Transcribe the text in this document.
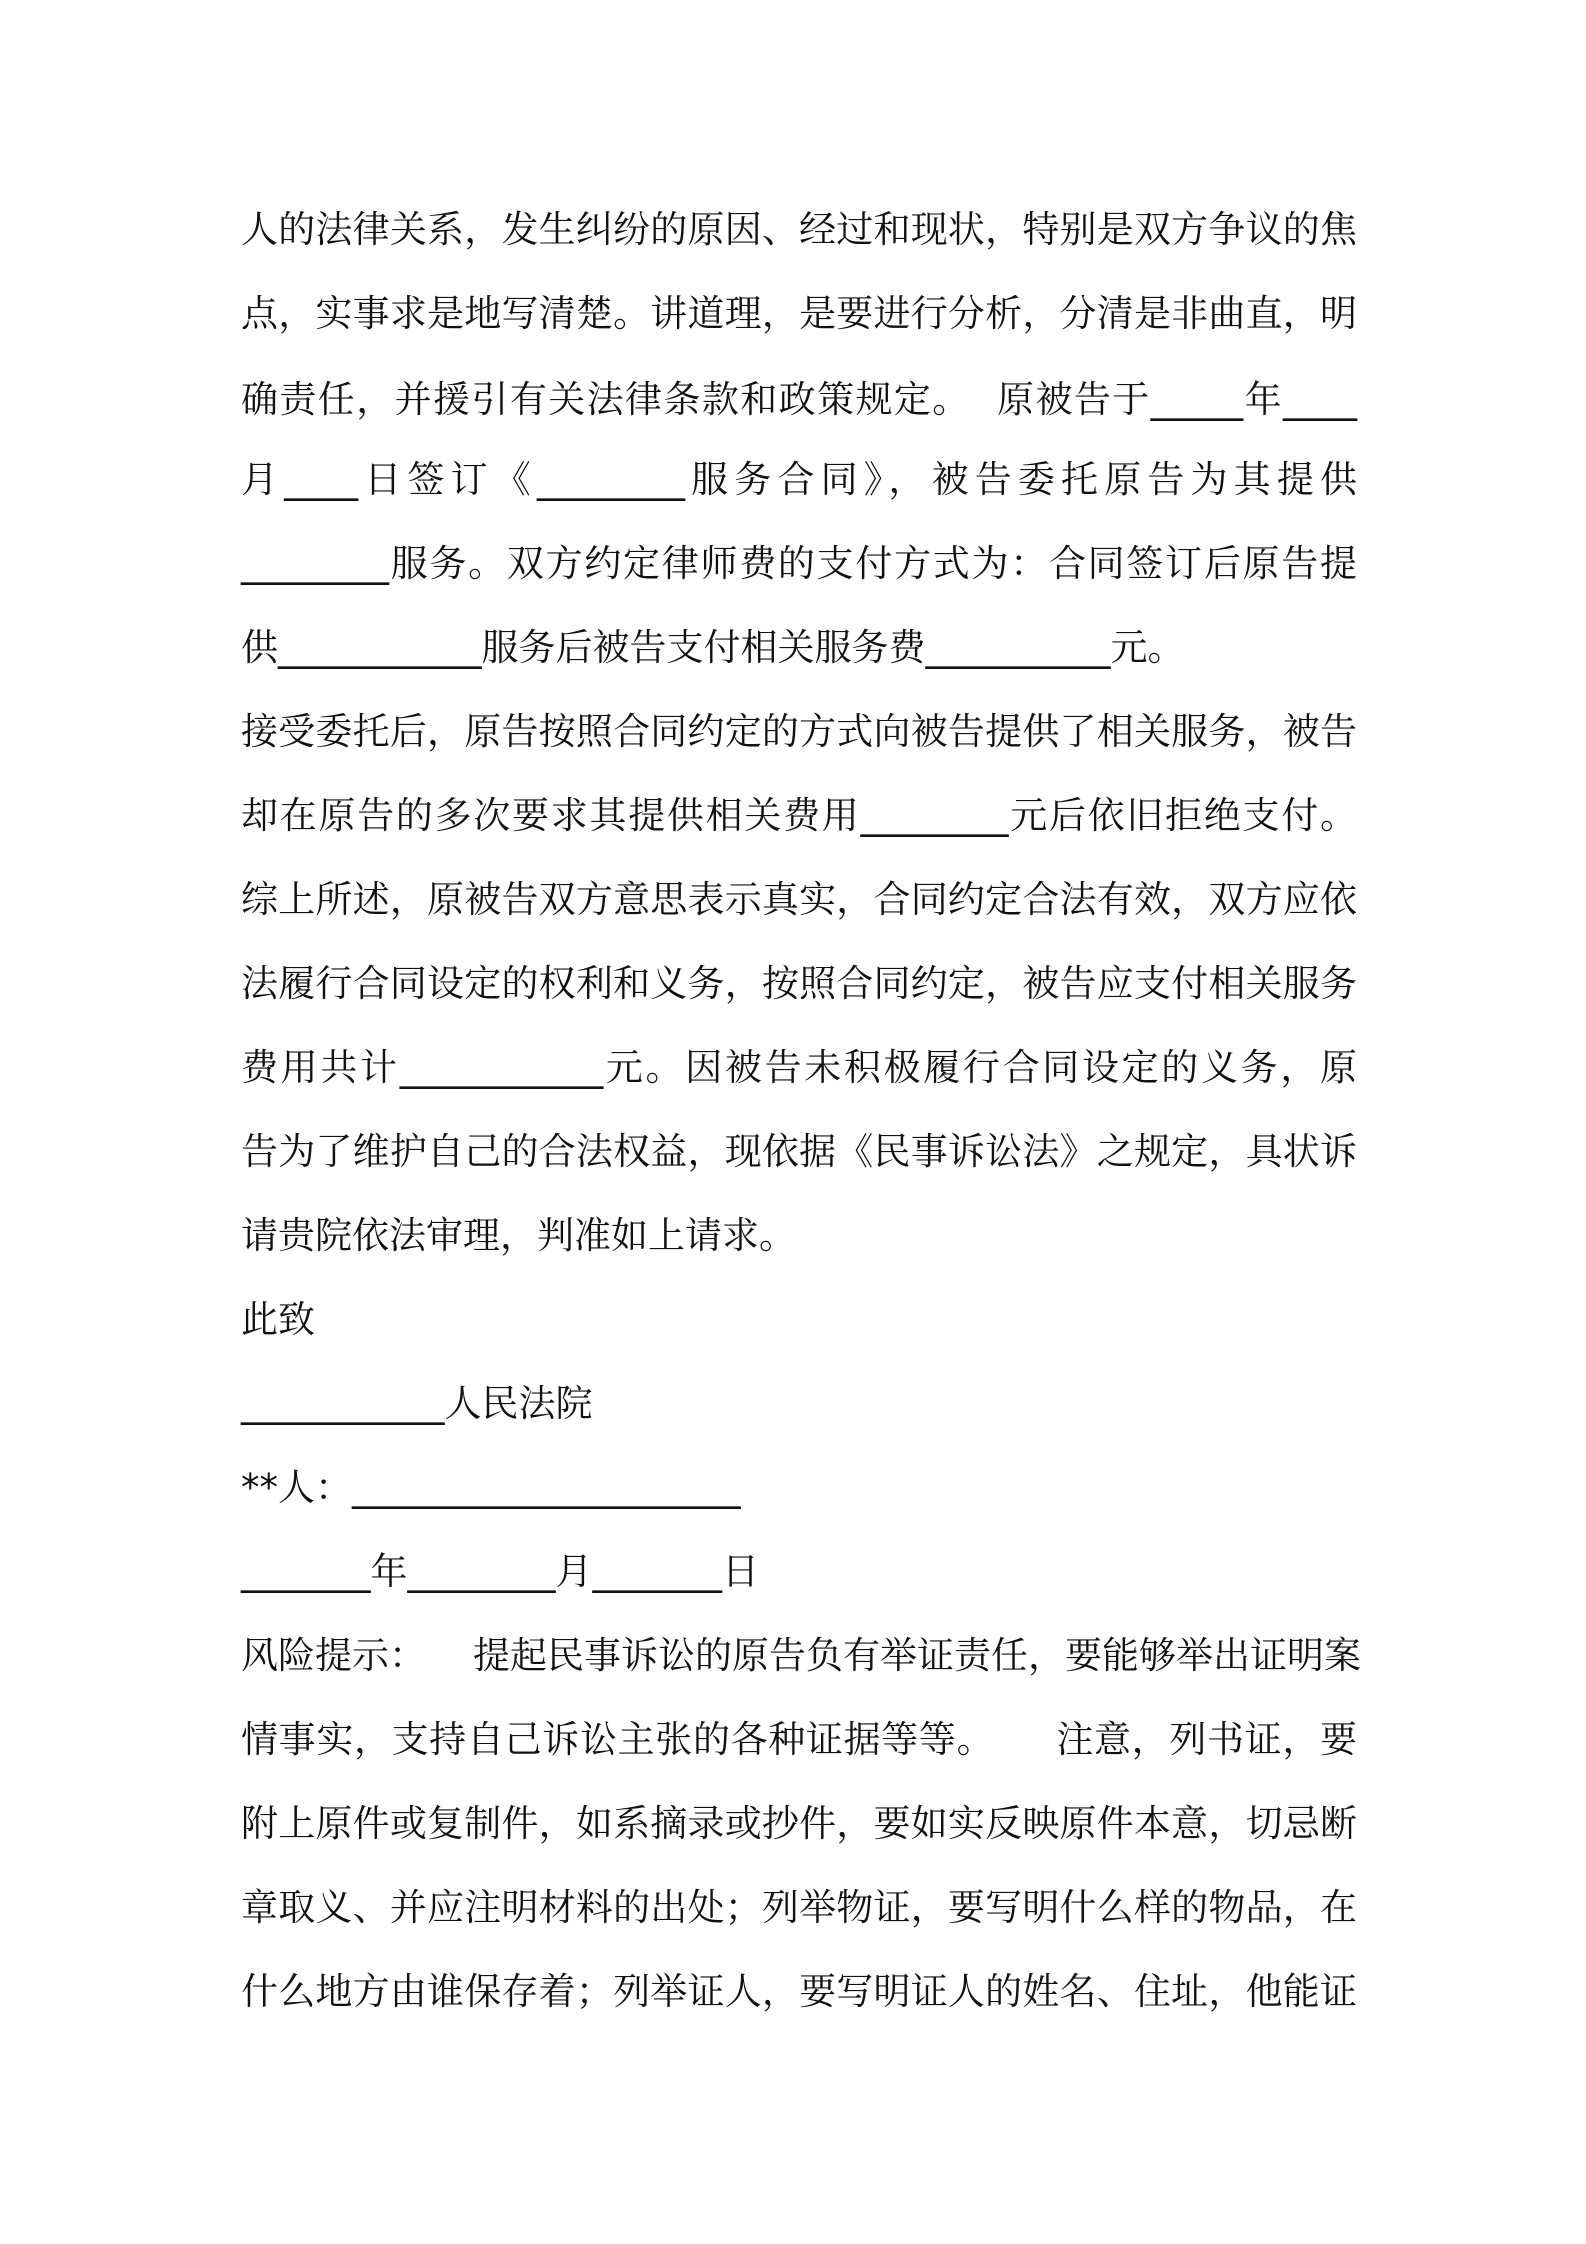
人的法律关系，发生纠纷的原因、经过和现状，特别是双方争议的焦
点，实事求是地写清楚。讲道理，是要进行分析，分清是非曲直，明
确责任，并援引有关法律条款和政策规定。  原被告于_____年____
月____日签订《________服务合同》，被告委托原告为其提供
________服务。双方约定律师费的支付方式为：合同签订后原告提
供___________服务后被告支付相关服务费__________元。
接受委托后，原告按照合同约定的方式向被告提供了相关服务，被告
却在原告的多次要求其提供相关费用________元后依旧拒绝支付。
综上所述，原被告双方意思表示真实，合同约定合法有效，双方应依
法履行合同设定的权利和义务，按照合同约定，被告应支付相关服务
费用共计___________元。因被告未积极履行合同设定的义务，原
告为了维护自己的合法权益，现依据《民事诉讼法》之规定，具状诉
请贵院依法审理，判准如上请求。
此致
___________人民法院
**人：_____________________
_______年________月_______日
风险提示：    提起民事诉讼的原告负有举证责任，要能够举出证明案
情事实，支持自己诉讼主张的各种证据等等。     注意，列书证，要
附上原件或复制件，如系摘录或抄件，要如实反映原件本意，切忌断
章取义、并应注明材料的出处；列举物证，要写明什么样的物品，在
什么地方由谁保存着；列举证人，要写明证人的姓名、住址，他能证
